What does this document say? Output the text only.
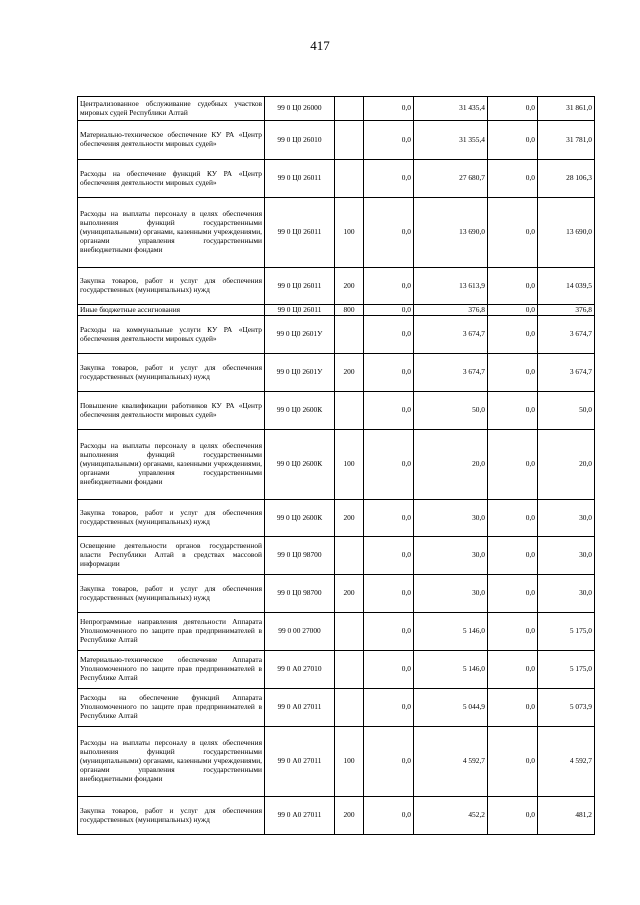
417
Централизованное обслуживание судебных участков мировых судей Республики Алтай	99 0 Ц0 26000		0,0	31 435,4	0,0	31 861,0
Материально-техническое обеспечение КУ РА «Центр обеспечения деятельности мировых судей»	99 0 Ц0 26010		0,0	31 355,4	0,0	31 781,0
Расходы на обеспечение функций КУ РА «Центр обеспечения деятельности мировых судей»	99 0 Ц0 26011		0,0	27 680,7	0,0	28 106,3
Расходы на выплаты персоналу в целях обеспечения выполнения функций государственными (муниципальными) органами, казенными учреждениями, органами управления государственными внебюджетными фондами	99 0 Ц0 26011	100	0,0	13 690,0	0,0	13 690,0
Закупка товаров, работ и услуг для обеспечения государственных (муниципальных) нужд	99 0 Ц0 26011	200	0,0	13 613,9	0,0	14 039,5
Иные бюджетные ассигнования	99 0 Ц0 26011	800	0,0	376,8	0,0	376,8
Расходы на коммунальные услуги КУ РА «Центр обеспечения деятельности мировых судей»	99 0 Ц0 2601У		0,0	3 674,7	0,0	3 674,7
Закупка товаров, работ и услуг для обеспечения государственных (муниципальных) нужд	99 0 Ц0 2601У	200	0,0	3 674,7	0,0	3 674,7
Повышение квалификации работников КУ РА «Центр обеспечения деятельности мировых судей»	99 0 Ц0 2600К		0,0	50,0	0,0	50,0
Расходы на выплаты персоналу в целях обеспечения выполнения функций государственными (муниципальными) органами, казенными учреждениями, органами управления государственными внебюджетными фондами	99 0 Ц0 2600К	100	0,0	20,0	0,0	20,0
Закупка товаров, работ и услуг для обеспечения государственных (муниципальных) нужд	99 0 Ц0 2600К	200	0,0	30,0	0,0	30,0
Освещение деятельности органов государственной власти Республики Алтай в средствах массовой информации	99 0 Ц0 98700		0,0	30,0	0,0	30,0
Закупка товаров, работ и услуг для обеспечения государственных (муниципальных) нужд	99 0 Ц0 98700	200	0,0	30,0	0,0	30,0
Непрограммные направления деятельности Аппарата Уполномоченного по защите прав предпринимателей в Республике Алтай	99 0 00 27000		0,0	5 146,0	0,0	5 175,0
Материально-техническое обеспечение Аппарата Уполномоченного по защите прав предпринимателей в Республике Алтай	99 0 А0 27010		0,0	5 146,0	0,0	5 175,0
Расходы на обеспечение функций Аппарата Уполномоченного по защите прав предпринимателей в Республике Алтай	99 0 А0 27011		0,0	5 044,9	0,0	5 073,9
Расходы на выплаты персоналу в целях обеспечения выполнения функций государственными (муниципальными) органами, казенными учреждениями, органами управления государственными внебюджетными фондами	99 0 А0 27011	100	0,0	4 592,7	0,0	4 592,7
Закупка товаров, работ и услуг для обеспечения государственных (муниципальных) нужд	99 0 А0 27011	200	0,0	452,2	0,0	481,2
